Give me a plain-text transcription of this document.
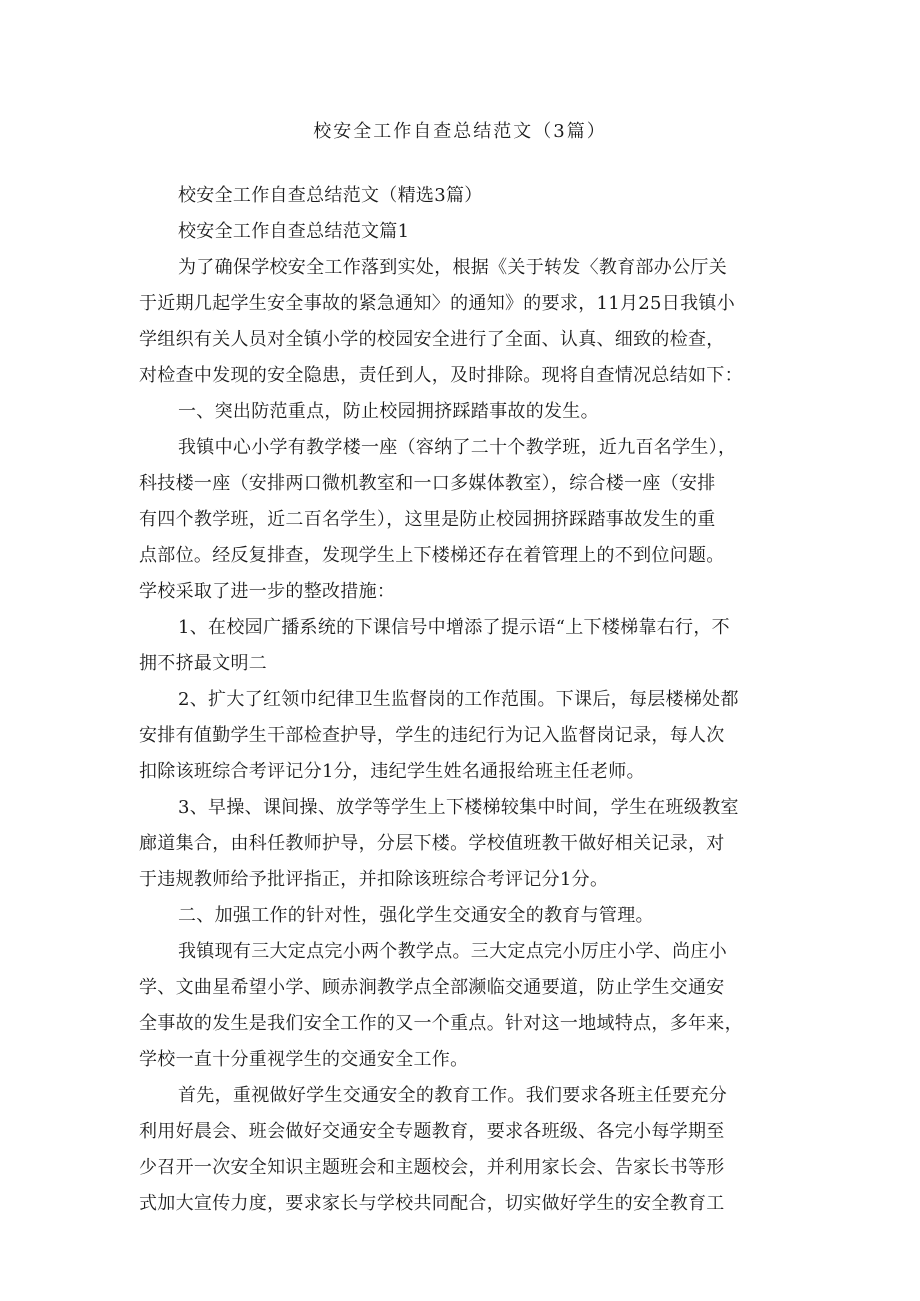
校安全工作自查总结范文（3篇）
校安全工作自查总结范文（精选3篇）
校安全工作自查总结范文篇1
为了确保学校安全工作落到实处，根据《关于转发〈教育部办公厅关
于近期几起学生安全事故的紧急通知〉的通知》的要求，11月25日我镇小
学组织有关人员对全镇小学的校园安全进行了全面、认真、细致的检查，
对检查中发现的安全隐患，责任到人，及时排除。现将自查情况总结如下：
一、突出防范重点，防止校园拥挤踩踏事故的发生。
我镇中心小学有教学楼一座（容纳了二十个教学班，近九百名学生），
科技楼一座（安排两口微机教室和一口多媒体教室），综合楼一座（安排
有四个教学班，近二百名学生），这里是防止校园拥挤踩踏事故发生的重
点部位。经反复排查，发现学生上下楼梯还存在着管理上的不到位问题。
学校采取了进一步的整改措施：
1、在校园广播系统的下课信号中增添了提示语“上下楼梯靠右行，不
拥不挤最文明二
2、扩大了红领巾纪律卫生监督岗的工作范围。下课后，每层楼梯处都
安排有值勤学生干部检查护导，学生的违纪行为记入监督岗记录，每人次
扣除该班综合考评记分1分，违纪学生姓名通报给班主任老师。
3、早操、课间操、放学等学生上下楼梯较集中时间，学生在班级教室
廊道集合，由科任教师护导，分层下楼。学校值班教干做好相关记录，对
于违规教师给予批评指正，并扣除该班综合考评记分1分。
二、加强工作的针对性，强化学生交通安全的教育与管理。
我镇现有三大定点完小两个教学点。三大定点完小厉庄小学、尚庄小
学、文曲星希望小学、顾赤涧教学点全部濒临交通要道，防止学生交通安
全事故的发生是我们安全工作的又一个重点。针对这一地域特点，多年来，
学校一直十分重视学生的交通安全工作。
首先，重视做好学生交通安全的教育工作。我们要求各班主任要充分
利用好晨会、班会做好交通安全专题教育，要求各班级、各完小每学期至
少召开一次安全知识主题班会和主题校会，并利用家长会、告家长书等形
式加大宣传力度，要求家长与学校共同配合，切实做好学生的安全教育工
